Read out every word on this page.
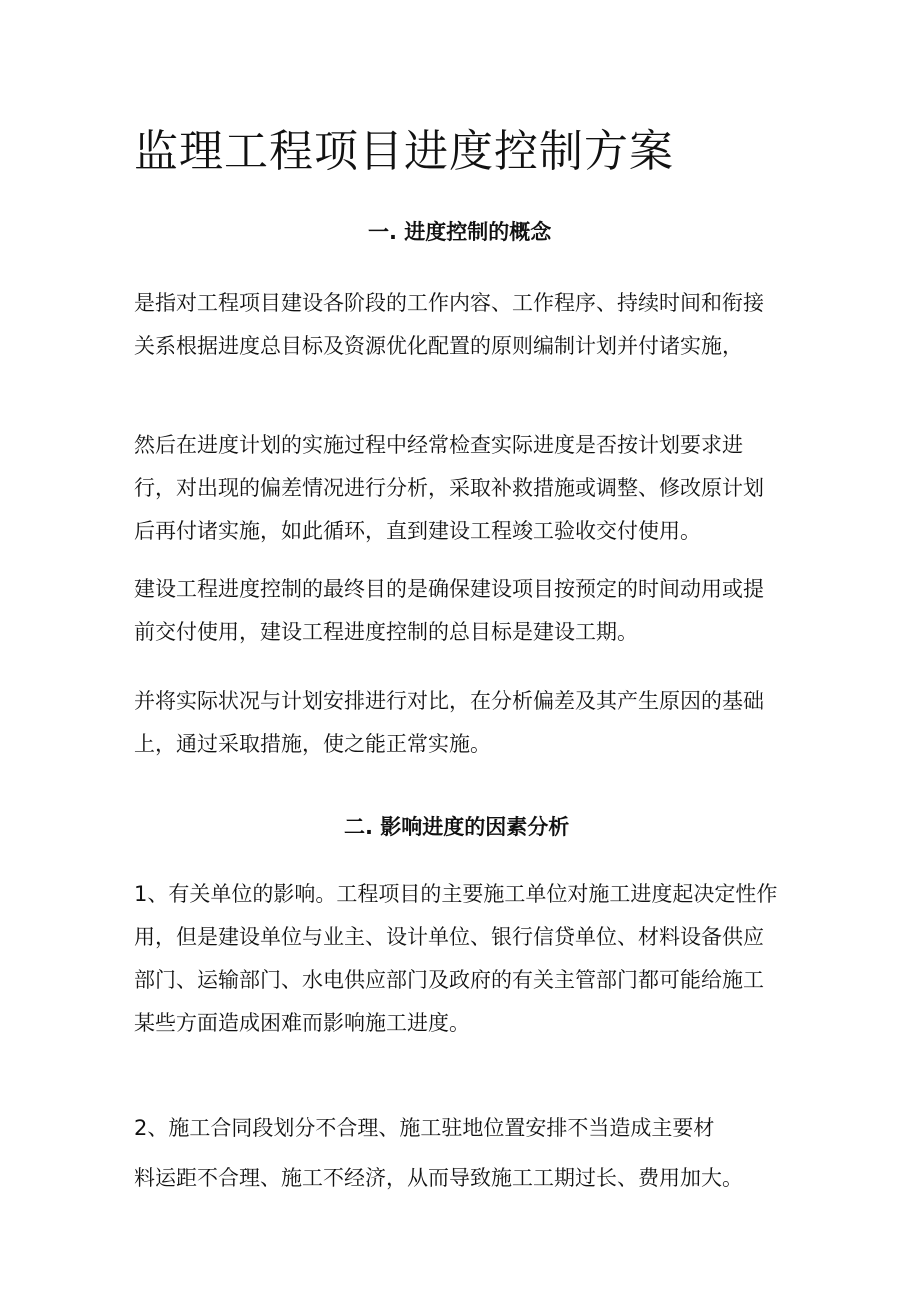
监理工程项目进度控制方案
一. 进度控制的概念

是指对工程项目建设各阶段的工作内容、工作程序、持续时间和衔接
关系根据进度总目标及资源优化配置的原则编制计划并付诸实施，

然后在进度计划的实施过程中经常检查实际进度是否按计划要求进
行，对出现的偏差情况进行分析，采取补救措施或调整、修改原计划
后再付诸实施，如此循环，直到建设工程竣工验收交付使用。

建设工程进度控制的最终目的是确保建设项目按预定的时间动用或提
前交付使用，建设工程进度控制的总目标是建设工期。

并将实际状况与计划安排进行对比，在分析偏差及其产生原因的基础
上，通过采取措施，使之能正常实施。

二. 影响进度的因素分析

1、有关单位的影响。工程项目的主要施工单位对施工进度起决定性作
用，但是建设单位与业主、设计单位、银行信贷单位、材料设备供应
部门、运输部门、水电供应部门及政府的有关主管部门都可能给施工
某些方面造成困难而影响施工进度。

2、施工合同段划分不合理、施工驻地位置安排不当造成主要材
料运距不合理、施工不经济，从而导致施工工期过长、费用加大。
